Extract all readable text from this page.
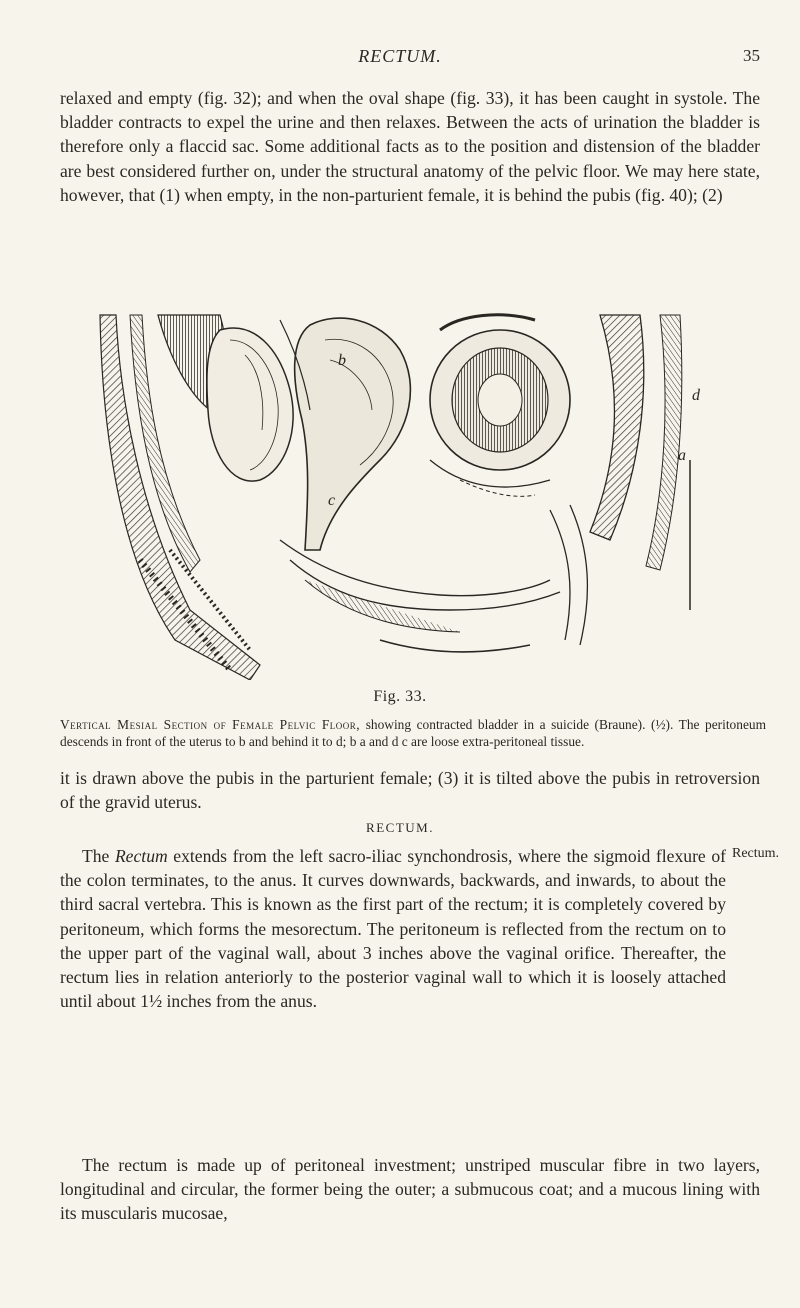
RECTUM.	35

relaxed and empty (fig. 32); and when the oval shape (fig. 33), it has been caught in systole. The bladder contracts to expel the urine and then relaxes. Between the acts of urination the bladder is therefore only a flaccid sac. Some additional facts as to the position and distension of the bladder are best considered further on, under the structural anatomy of the pelvic floor. We may here state, however, that (1) when empty, in the non-parturient female, it is behind the pubis (fig. 40); (2)

b
d
c
a
Fig. 33.

Vertical Mesial Section of Female Pelvic Floor, showing contracted bladder in a suicide (Braune). (½). The peritoneum descends in front of the uterus to b and behind it to d; b a and d c are loose extra-peritoneal tissue.

it is drawn above the pubis in the parturient female; (3) it is tilted above the pubis in retroversion of the gravid uterus.

RECTUM.
Rectum.

The Rectum extends from the left sacro-iliac synchondrosis, where the sigmoid flexure of the colon terminates, to the anus. It curves downwards, backwards, and inwards, to about the third sacral vertebra. This is known as the first part of the rectum; it is completely covered by peritoneum, which forms the mesorectum. The peritoneum is reflected from the rectum on to the upper part of the vaginal wall, about 3 inches above the vaginal orifice. Thereafter, the rectum lies in relation anteriorly to the posterior vaginal wall to which it is loosely attached until about 1½ inches from the anus.

The rectum is made up of peritoneal investment; unstriped muscular fibre in two layers, longitudinal and circular, the former being the outer; a submucous coat; and a mucous lining with its muscularis mucosae,
